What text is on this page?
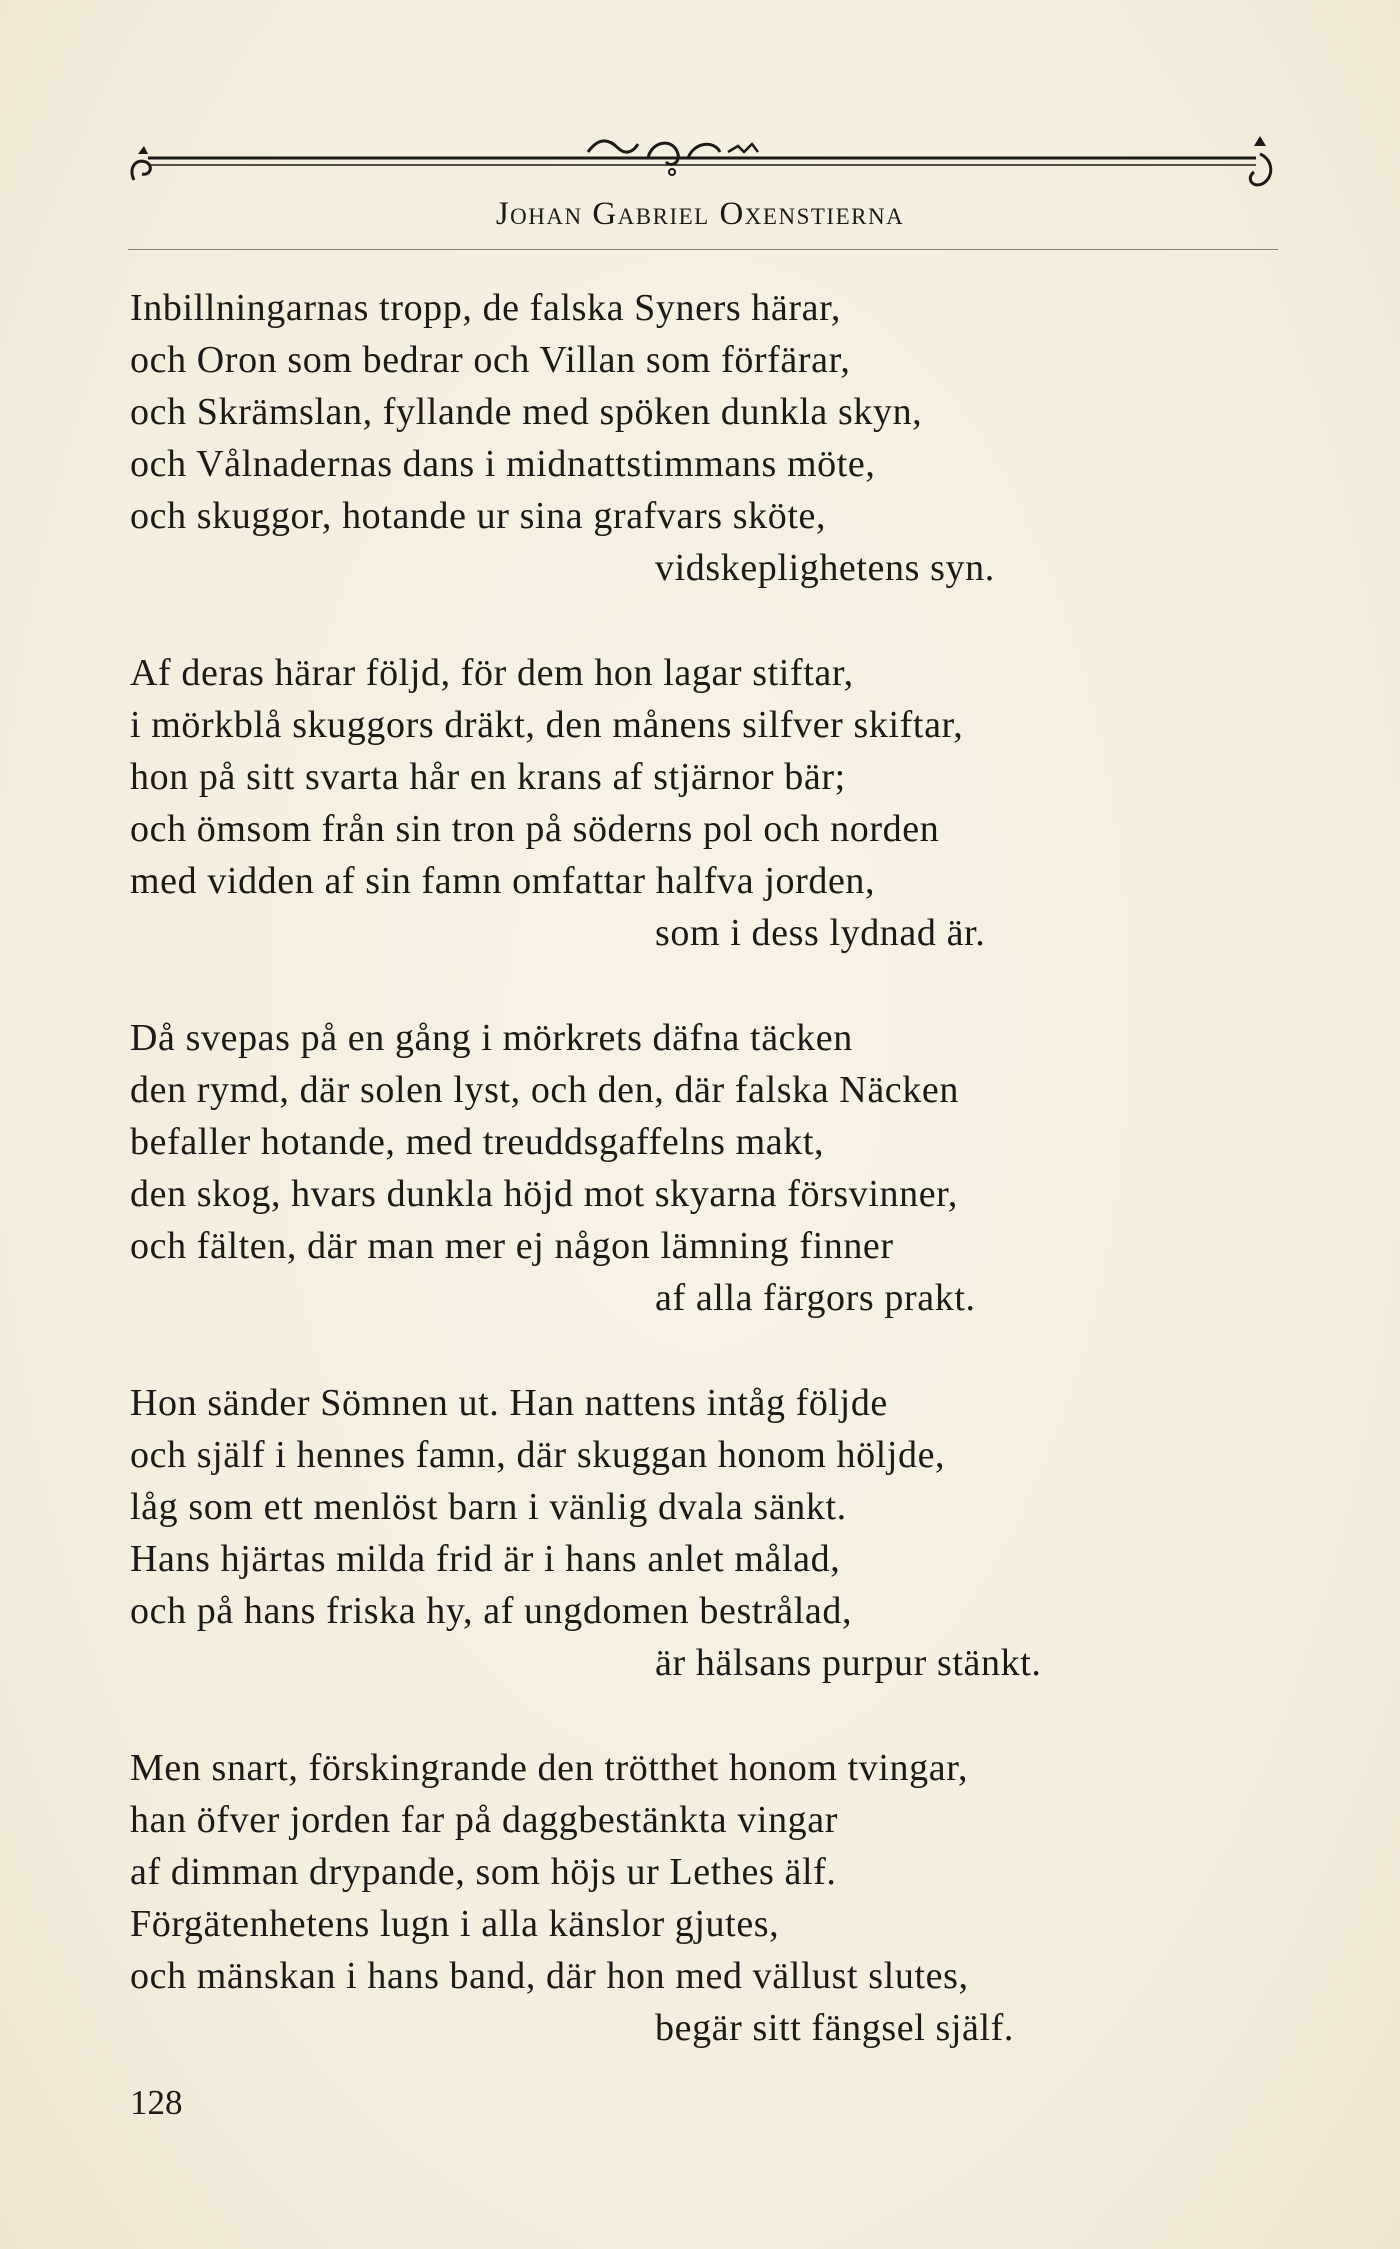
Johan Gabriel Oxenstierna
Inbillningarnas tropp, de falska Syners härar,
och Oron som bedrar och Villan som förfärar,
och Skrämslan, fyllande med spöken dunkla skyn,
och Vålnadernas dans i midnattstimmans möte,
och skuggor, hotande ur sina grafvars sköte,
vidskeplighetens syn.
Af deras härar följd, för dem hon lagar stiftar,
i mörkblå skuggors dräkt, den månens silfver skiftar,
hon på sitt svarta hår en krans af stjärnor bär;
och ömsom från sin tron på söderns pol och norden
med vidden af sin famn omfattar halfva jorden,
som i dess lydnad är.
Då svepas på en gång i mörkrets däfna täcken
den rymd, där solen lyst, och den, där falska Näcken
befaller hotande, med treuddsgaffelns makt,
den skog, hvars dunkla höjd mot skyarna försvinner,
och fälten, där man mer ej någon lämning finner
af alla färgors prakt.
Hon sänder Sömnen ut. Han nattens intåg följde
och själf i hennes famn, där skuggan honom höljde,
låg som ett menlöst barn i vänlig dvala sänkt.
Hans hjärtas milda frid är i hans anlet målad,
och på hans friska hy, af ungdomen bestrålad,
är hälsans purpur stänkt.
Men snart, förskingrande den trötthet honom tvingar,
han öfver jorden far på daggbestänkta vingar
af dimman drypande, som höjs ur Lethes älf.
Förgätenhetens lugn i alla känslor gjutes,
och mänskan i hans band, där hon med vällust slutes,
begär sitt fängsel själf.
128
